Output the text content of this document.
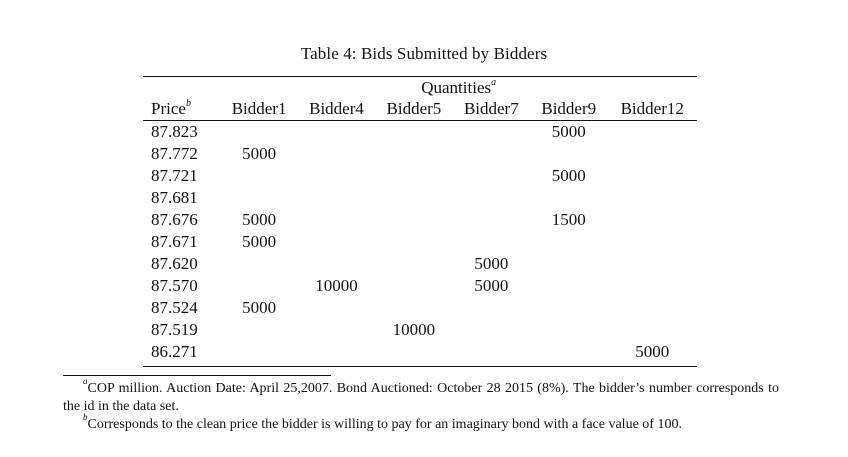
Table 4: Bids Submitted by Bidders
	Quantities$^a$
Price$^b$	Bidder1	Bidder4	Bidder5	Bidder7	Bidder9	Bidder12
87.823					5000	
87.772	5000					
87.721					5000	
87.681						
87.676	5000				1500	
87.671	5000					
87.620				5000		
87.570		10000		5000		
87.524	5000					
87.519			10000			
86.271						5000

$^a$COP million. Auction Date: April 25,2007. Bond Auctioned: October 28 2015 (8%). The bidder’s number corresponds to the id in the data set.

$^b$Corresponds to the clean price the bidder is willing to pay for an imaginary bond with a face value of 100.
